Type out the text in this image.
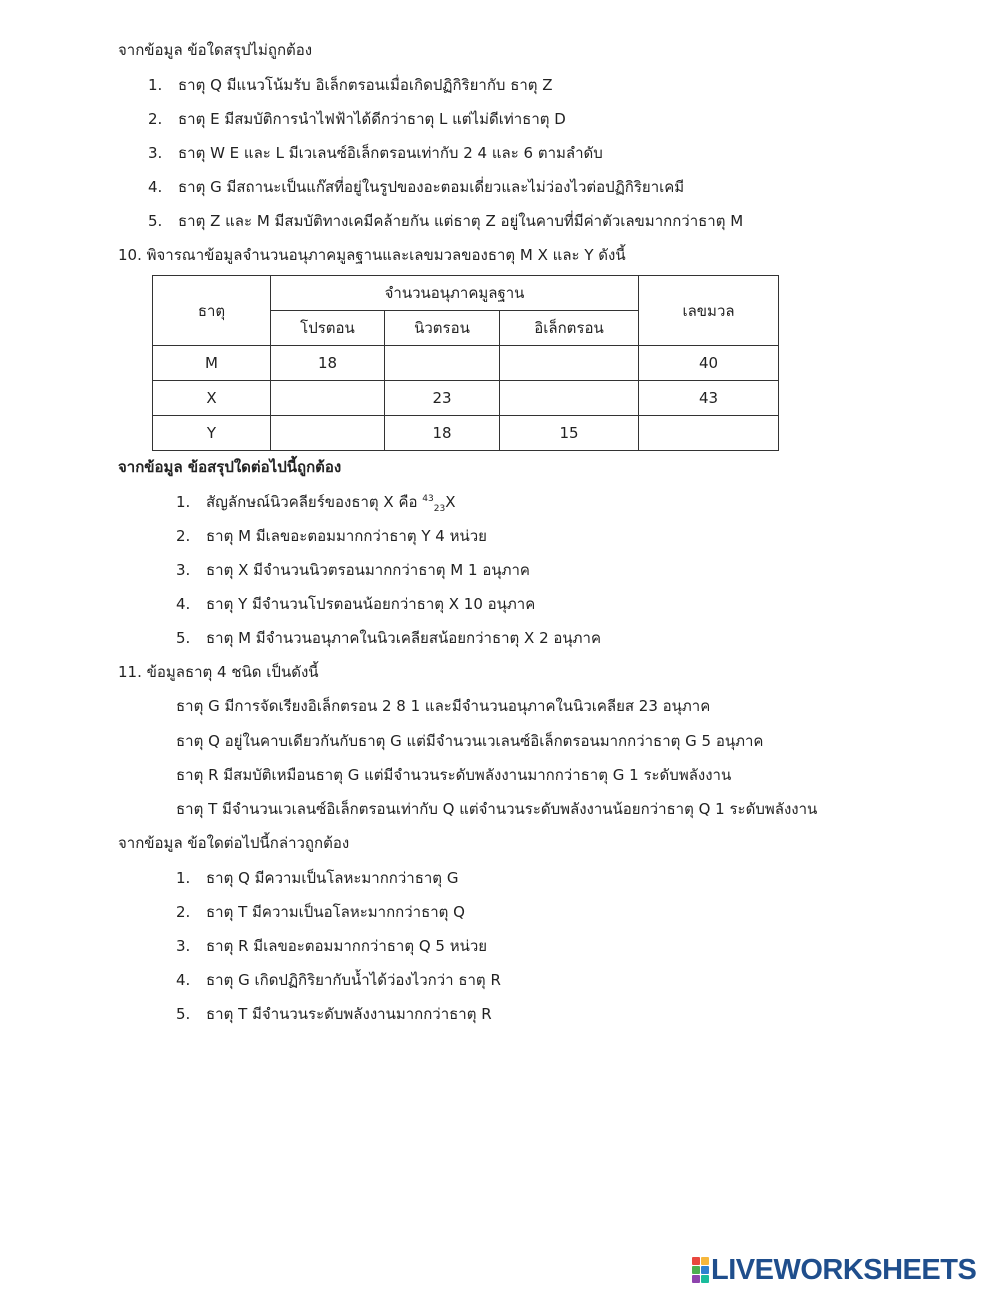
จากข้อมูล ข้อใดสรุปไม่ถูกต้อง
1. ธาตุ Q มีแนวโน้มรับ อิเล็กตรอนเมื่อเกิดปฏิกิริยากับ ธาตุ Z
2. ธาตุ E มีสมบัติการนำไฟฟ้าได้ดีกว่าธาตุ L แต่ไม่ดีเท่าธาตุ D
3. ธาตุ W E และ L มีเวเลนซ์อิเล็กตรอนเท่ากับ 2 4 และ 6 ตามลำดับ
4. ธาตุ G มีสถานะเป็นแก๊สที่อยู่ในรูปของอะตอมเดี่ยวและไม่ว่องไวต่อปฏิกิริยาเคมี
5. ธาตุ Z และ M มีสมบัติทางเคมีคล้ายกัน แต่ธาตุ Z อยู่ในคาบที่มีค่าตัวเลขมากกว่าธาตุ M
10. พิจารณาข้อมูลจำนวนอนุภาคมูลฐานและเลขมวลของธาตุ M X และ Y ดังนี้
ธาตุ	จำนวนอนุภาคมูลฐาน			เลขมวล
	โปรตอน	นิวตรอน	อิเล็กตรอน	
M	18			40
X		23		43
Y		18	15	
จากข้อมูล ข้อสรุปใดต่อไปนี้ถูกต้อง
1. สัญลักษณ์นิวคลียร์ของธาตุ X คือ $^{43}_{23}$X
2. ธาตุ M มีเลขอะตอมมากกว่าธาตุ Y 4 หน่วย
3. ธาตุ X มีจำนวนนิวตรอนมากกว่าธาตุ M 1 อนุภาค
4. ธาตุ Y มีจำนวนโปรตอนน้อยกว่าธาตุ X 10 อนุภาค
5. ธาตุ M มีจำนวนอนุภาคในนิวเคลียสน้อยกว่าธาตุ X 2 อนุภาค
11. ข้อมูลธาตุ 4 ชนิด เป็นดังนี้
ธาตุ G มีการจัดเรียงอิเล็กตรอน 2 8 1 และมีจำนวนอนุภาคในนิวเคลียส 23 อนุภาค
ธาตุ Q อยู่ในคาบเดียวกันกับธาตุ G แต่มีจำนวนเวเลนซ์อิเล็กตรอนมากกว่าธาตุ G 5 อนุภาค
ธาตุ R มีสมบัติเหมือนธาตุ G แต่มีจำนวนระดับพลังงานมากกว่าธาตุ G 1 ระดับพลังงาน
ธาตุ T มีจำนวนเวเลนซ์อิเล็กตรอนเท่ากับ Q แต่จำนวนระดับพลังงานน้อยกว่าธาตุ Q 1 ระดับพลังงาน
จากข้อมูล ข้อใดต่อไปนี้กล่าวถูกต้อง
1. ธาตุ Q มีความเป็นโลหะมากกว่าธาตุ G
2. ธาตุ T มีความเป็นอโลหะมากกว่าธาตุ Q
3. ธาตุ R มีเลขอะตอมมากกว่าธาตุ Q 5 หน่วย
4. ธาตุ G เกิดปฏิกิริยากับน้ำได้ว่องไวกว่า ธาตุ R
5. ธาตุ T มีจำนวนระดับพลังงานมากกว่าธาตุ R
LIVEWORKSHEETS
